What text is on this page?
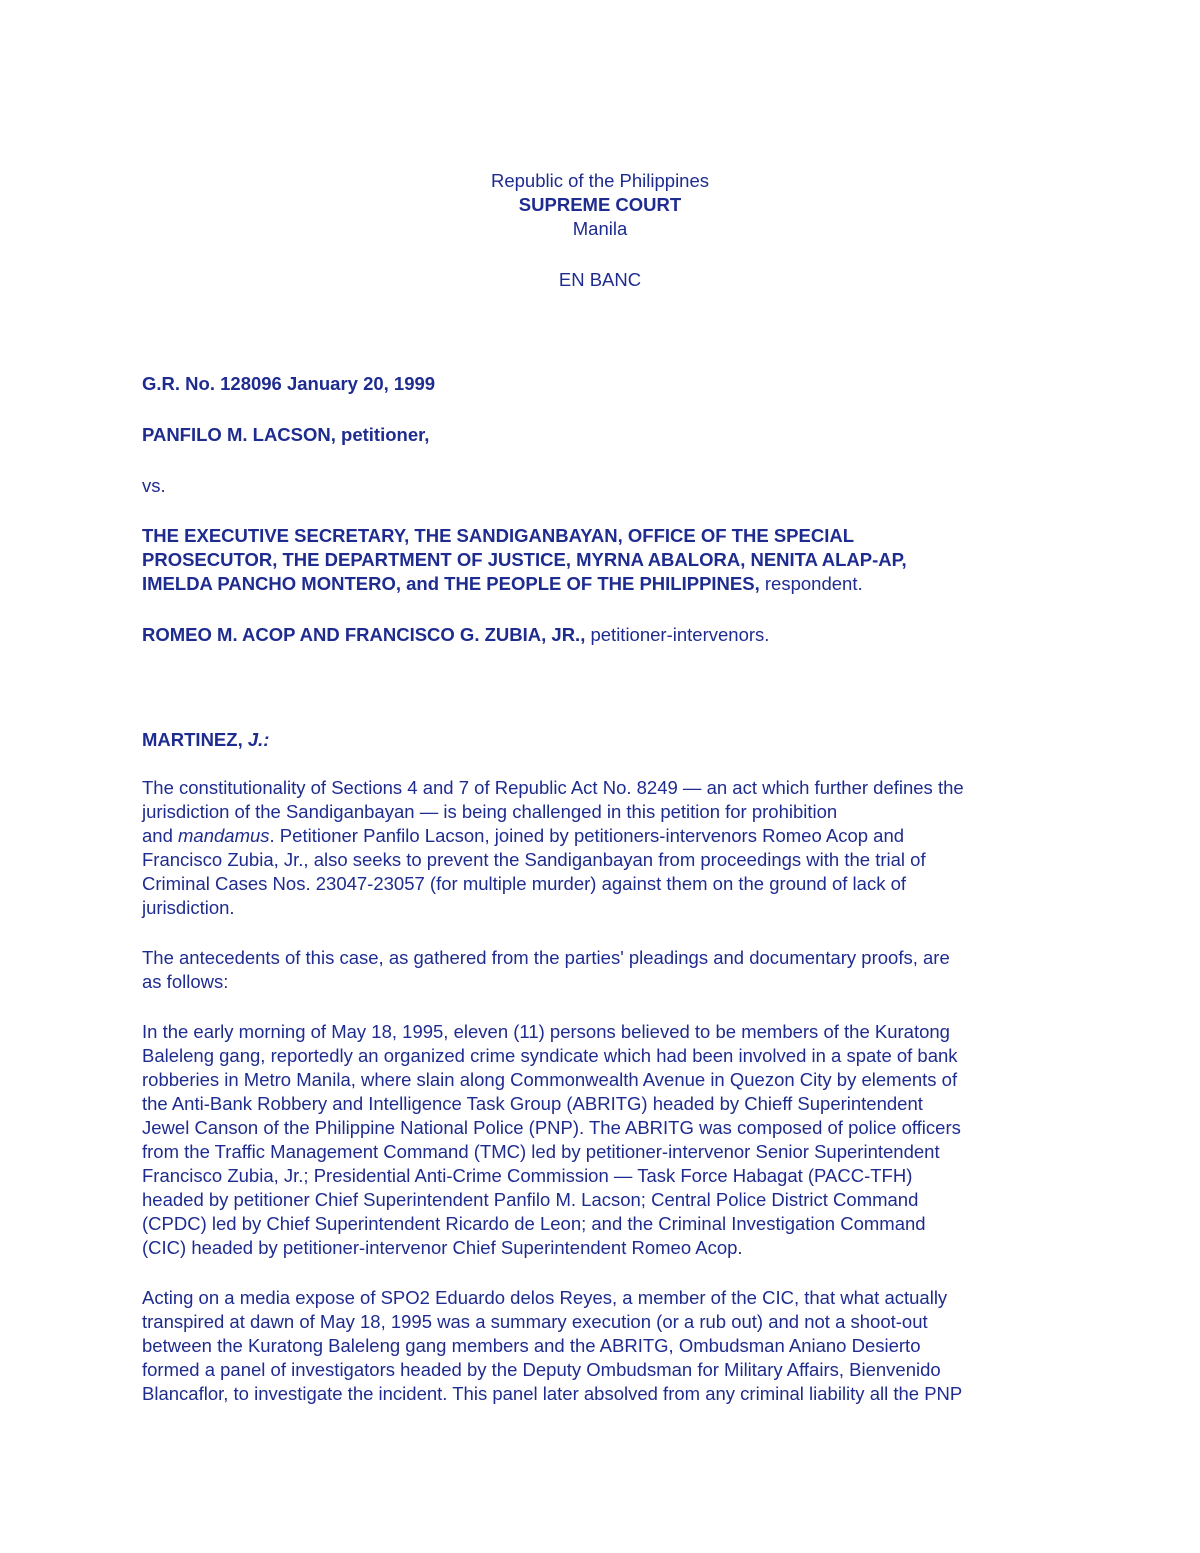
Republic of the Philippines
SUPREME COURT
Manila
EN BANC
G.R. No. 128096 January 20, 1999
PANFILO M. LACSON, petitioner,
vs.
THE EXECUTIVE SECRETARY, THE SANDIGANBAYAN, OFFICE OF THE SPECIAL
PROSECUTOR, THE DEPARTMENT OF JUSTICE, MYRNA ABALORA, NENITA ALAP-AP,
IMELDA PANCHO MONTERO, and THE PEOPLE OF THE PHILIPPINES, respondent.
ROMEO M. ACOP AND FRANCISCO G. ZUBIA, JR., petitioner-intervenors.
MARTINEZ, J.:
The constitutionality of Sections 4 and 7 of Republic Act No. 8249 — an act which further defines the
jurisdiction of the Sandiganbayan — is being challenged in this petition for prohibition
and mandamus. Petitioner Panfilo Lacson, joined by petitioners-intervenors Romeo Acop and
Francisco Zubia, Jr., also seeks to prevent the Sandiganbayan from proceedings with the trial of
Criminal Cases Nos. 23047-23057 (for multiple murder) against them on the ground of lack of
jurisdiction.
The antecedents of this case, as gathered from the parties' pleadings and documentary proofs, are
as follows:
In the early morning of May 18, 1995, eleven (11) persons believed to be members of the Kuratong
Baleleng gang, reportedly an organized crime syndicate which had been involved in a spate of bank
robberies in Metro Manila, where slain along Commonwealth Avenue in Quezon City by elements of
the Anti-Bank Robbery and Intelligence Task Group (ABRITG) headed by Chieff Superintendent
Jewel Canson of the Philippine National Police (PNP). The ABRITG was composed of police officers
from the Traffic Management Command (TMC) led by petitioner-intervenor Senior Superintendent
Francisco Zubia, Jr.; Presidential Anti-Crime Commission — Task Force Habagat (PACC-TFH)
headed by petitioner Chief Superintendent Panfilo M. Lacson; Central Police District Command
(CPDC) led by Chief Superintendent Ricardo de Leon; and the Criminal Investigation Command
(CIC) headed by petitioner-intervenor Chief Superintendent Romeo Acop.
Acting on a media expose of SPO2 Eduardo delos Reyes, a member of the CIC, that what actually
transpired at dawn of May 18, 1995 was a summary execution (or a rub out) and not a shoot-out
between the Kuratong Baleleng gang members and the ABRITG, Ombudsman Aniano Desierto
formed a panel of investigators headed by the Deputy Ombudsman for Military Affairs, Bienvenido
Blancaflor, to investigate the incident. This panel later absolved from any criminal liability all the PNP
